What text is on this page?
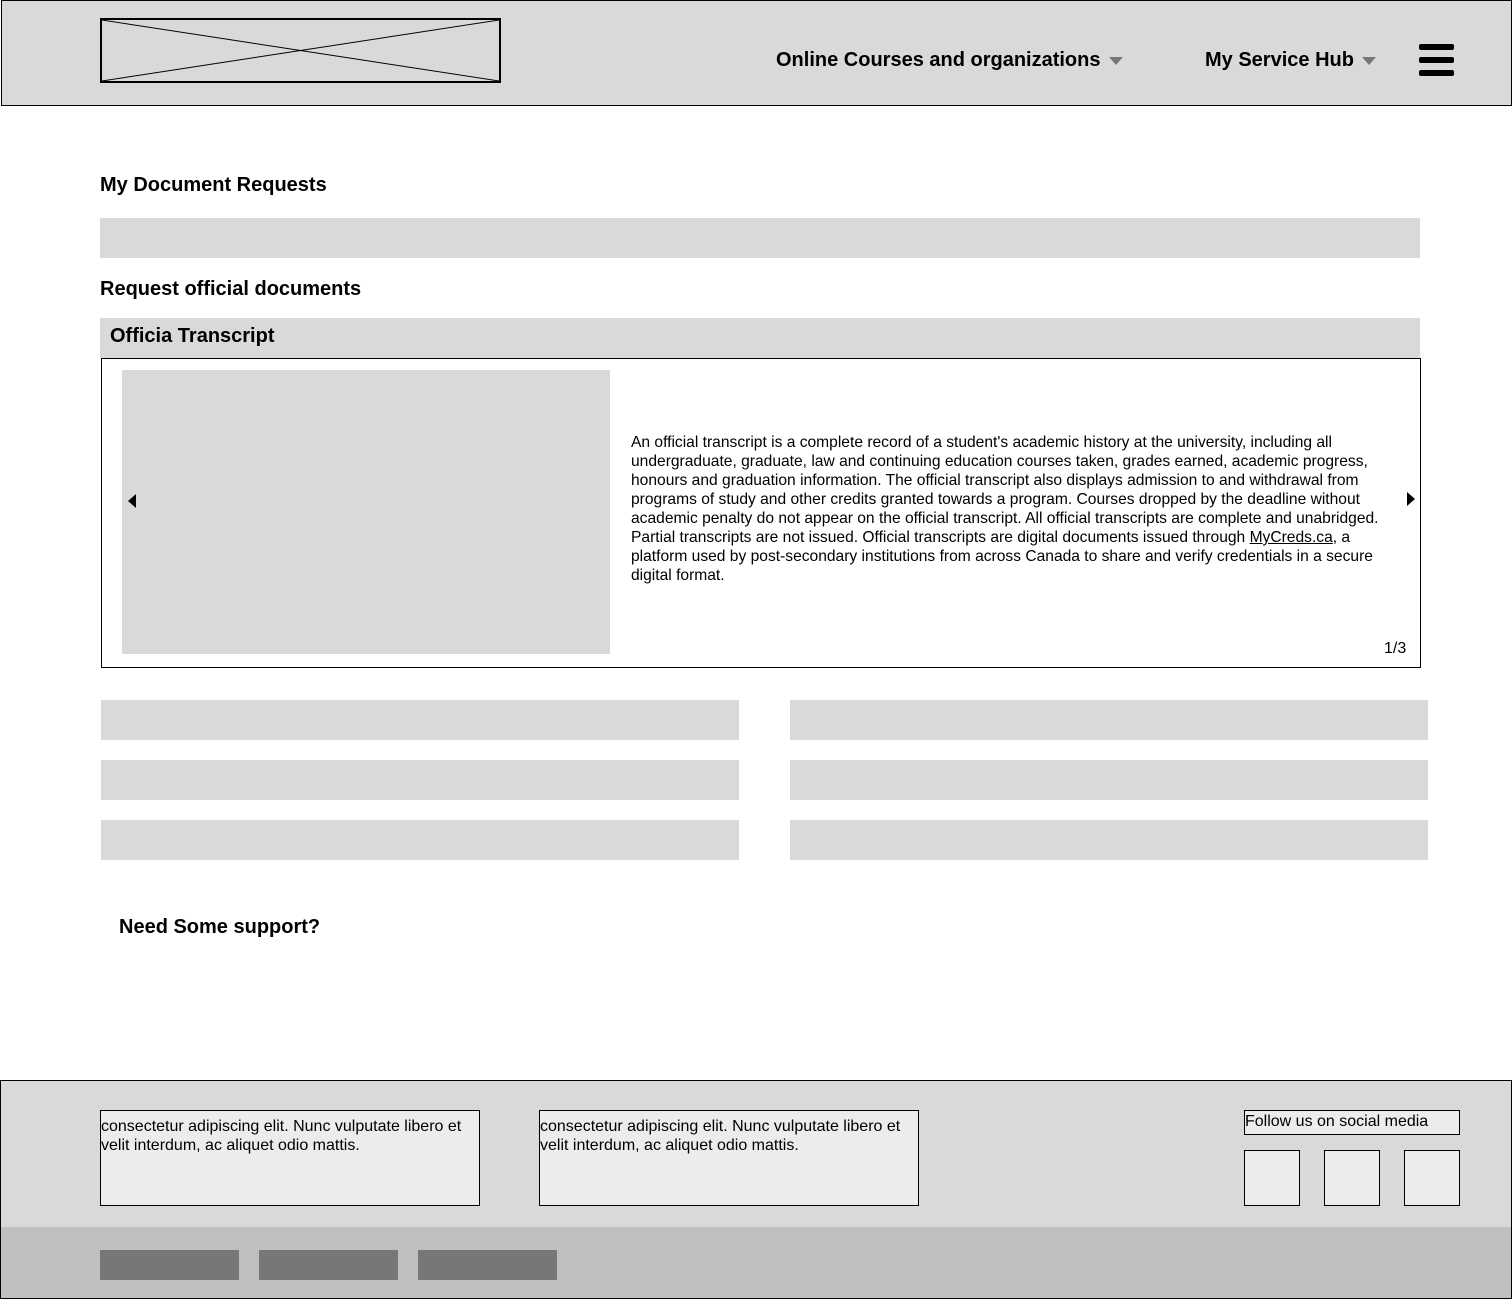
Online Courses and organizations	My Service Hub
My Document Requests
Request official documents
Officia Transcript
An official transcript is a complete record of a student's academic history at the university, including all undergraduate, graduate, law and continuing education courses taken, grades earned, academic progress, honours and graduation information. The official transcript also displays admission to and withdrawal from programs of study and other credits granted towards a program. Courses dropped by the deadline without academic penalty do not appear on the official transcript. All official transcripts are complete and unabridged. Partial transcripts are not issued. Official transcripts are digital documents issued through MyCreds.ca, a platform used by post-secondary institutions from across Canada to share and verify credentials in a secure digital format.
1/3
Need Some support?
consectetur adipiscing elit. Nunc vulputate libero et velit interdum, ac aliquet odio mattis.
consectetur adipiscing elit. Nunc vulputate libero et velit interdum, ac aliquet odio mattis.
Follow us on social media
